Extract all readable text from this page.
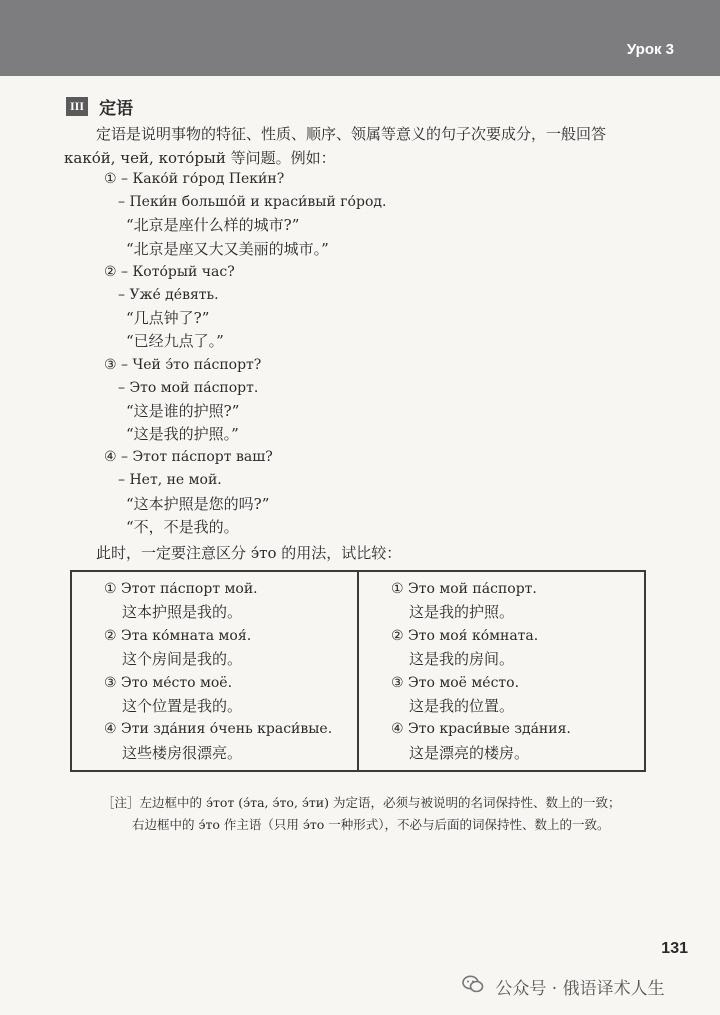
Урок 3
III 定语

定语是说明事物的特征、性质、顺序、领属等意义的句子次要成分，一般回答

како́й, чей, кото́рый 等问题。例如：

① – Како́й го́род Пеки́н?
– Пеки́н большо́й и краси́вый го́род.
“北京是座什么样的城市?”
“北京是座又大又美丽的城市。”
② – Кото́рый час?
– Уже́ де́вять.
“几点钟了?”
“已经九点了。”
③ – Чей э́то па́спорт?
– Это мой па́спорт.
“这是谁的护照?”
“这是我的护照。”
④ – Этот па́спорт ваш?
– Нет, не мой.
“这本护照是您的吗?”
“不，不是我的。
此时，一定要注意区分 э́то 的用法，试比较：
① Этот па́спорт мой.
这本护照是我的。
② Эта ко́мната моя́.
这个房间是我的。
③ Это ме́сто моё.
这个位置是我的。
④ Эти зда́ния о́чень краси́вые.
这些楼房很漂亮。
① Это мой па́спорт.
这是我的护照。
② Это моя́ ко́мната.
这是我的房间。
③ Это моё ме́сто.
这是我的位置。
④ Это краси́вые зда́ния.
这是漂亮的楼房。
［注］左边框中的 э́тот (э́та, э́то, э́ти) 为定语，必须与被说明的名词保持性、数上的一致；
右边框中的 э́то 作主语（只用 э́то 一种形式），不必与后面的词保持性、数上的一致。
131
公众号 · 俄语译术人生
